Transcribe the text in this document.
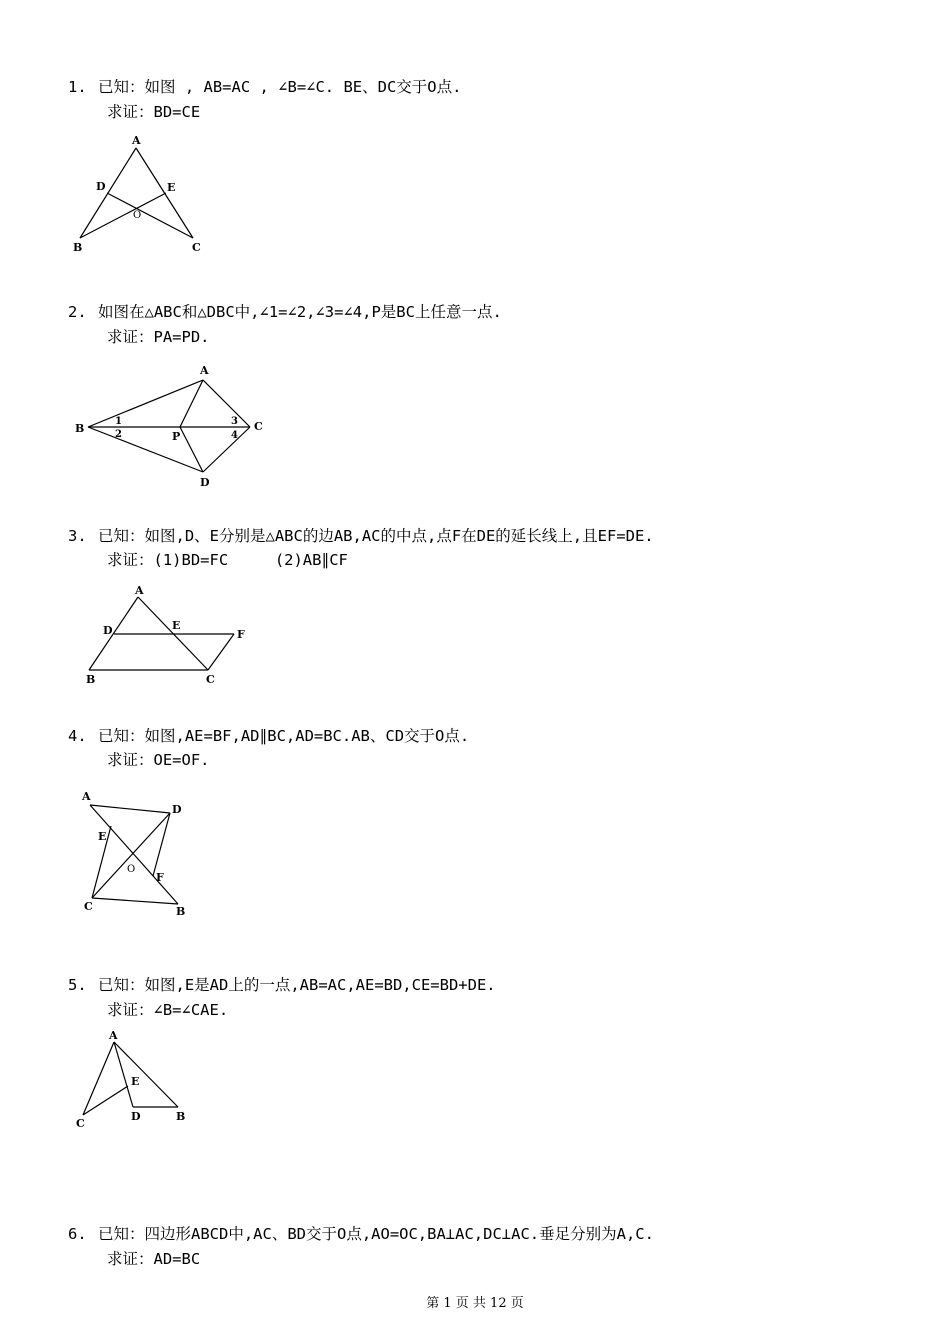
1. 已知：如图 , AB=AC , ∠B=∠C. BE、DC交于O点.
求证：BD=CE
A
D	E
O
B	C
2. 如图在△ABC和△DBC中,∠1=∠2,∠3=∠4,P是BC上任意一点.
求证：PA=PD.
A
B	C
P
D
1
2
3
4
3. 已知：如图,D、E分别是△ABC的边AB,AC的中点,点F在DE的延长线上,且EF=DE.
求证：(1)BD=FC     (2)AB∥CF
A
D	E
F
B	C
4. 已知：如图,AE=BF,AD∥BC,AD=BC.AB、CD交于O点.
求证：OE=OF.
A
D
E
O
F
C	B
5. 已知：如图,E是AD上的一点,AB=AC,AE=BD,CE=BD+DE.
求证：∠B=∠CAE.
A
E
C
D	B
6. 已知：四边形ABCD中,AC、BD交于O点,AO=OC,BA⊥AC,DC⊥AC.垂足分别为A,C.
求证：AD=BC
第 1 页 共 12 页
